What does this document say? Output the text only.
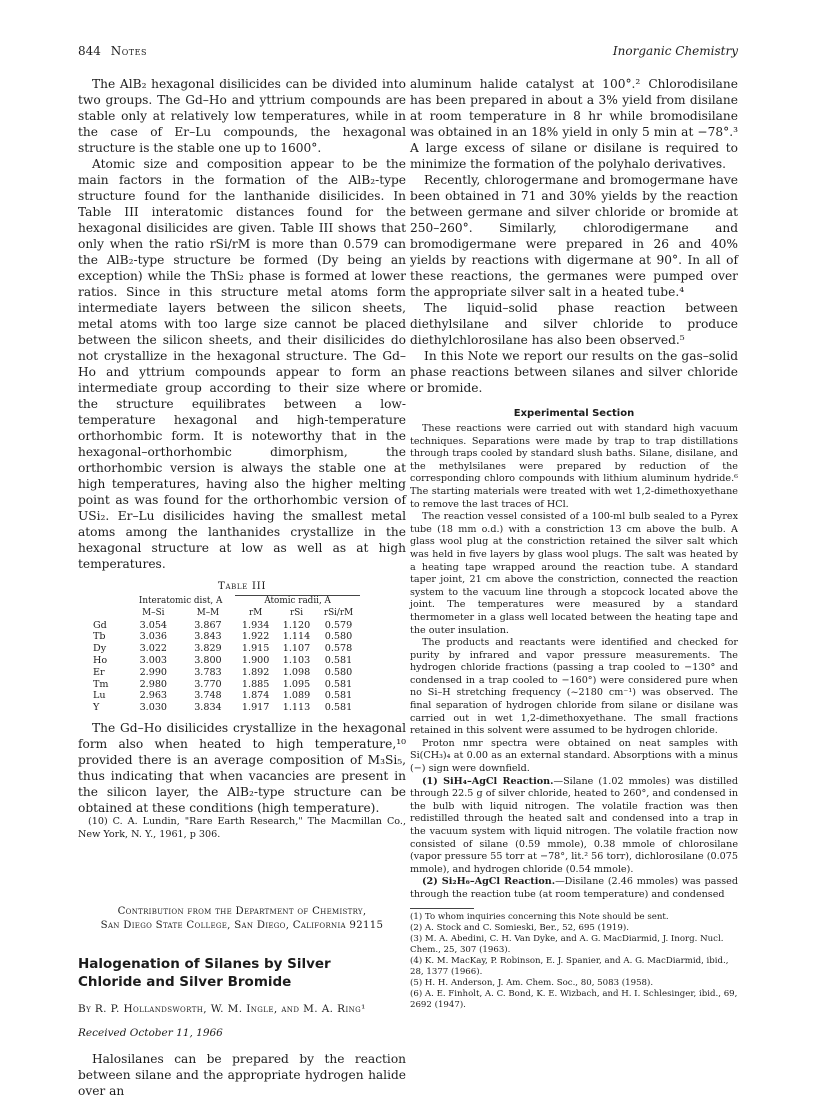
844 Notes	Inorganic Chemistry

The AlB₂ hexagonal disilicides can be divided into two groups. The Gd–Ho and yttrium compounds are stable only at relatively low temperatures, while in the case of Er–Lu compounds, the hexagonal structure is the stable one up to 1600°.

Atomic size and composition appear to be the main factors in the formation of the AlB₂-type structure found for the lanthanide disilicides. In Table III interatomic distances found for the hexagonal disilicides are given. Table III shows that only when the ratio rSi/rM is more than 0.579 can the AlB₂-type structure be formed (Dy being an exception) while the ThSi₂ phase is formed at lower ratios. Since in this structure metal atoms form intermediate layers between the silicon sheets, metal atoms with too large size cannot be placed between the silicon sheets, and their disilicides do not crystallize in the hexagonal structure. The Gd–Ho and yttrium compounds appear to form an intermediate group according to their size where the structure equilibrates between a low-temperature hexagonal and high-temperature orthorhombic form. It is noteworthy that in the hexagonal–orthorhombic dimorphism, the orthorhombic version is always the stable one at high temperatures, having also the higher melting point as was found for the orthorhombic version of USi₂. Er–Lu disilicides having the smallest metal atoms among the lanthanides crystallize in the hexagonal structure at low as well as at high temperatures.

Table III
	Interatomic dist, A		Atomic radii, A		
	M–Si	M–M	rM	rSi	rSi/rM
Gd	3.054	3.867	1.934	1.120	0.579
Tb	3.036	3.843	1.922	1.114	0.580
Dy	3.022	3.829	1.915	1.107	0.578
Ho	3.003	3.800	1.900	1.103	0.581
Er	2.990	3.783	1.892	1.098	0.580
Tm	2.980	3.770	1.885	1.095	0.581
Lu	2.963	3.748	1.874	1.089	0.581
Y	3.030	3.834	1.917	1.113	0.581

The Gd–Ho disilicides crystallize in the hexagonal form also when heated to high temperature,¹⁰ provided there is an average composition of M₃Si₅, thus indicating that when vacancies are present in the silicon layer, the AlB₂-type structure can be obtained at these conditions (high temperature).

(10) C. A. Lundin, "Rare Earth Research," The Macmillan Co., New York, N. Y., 1961, p 306.

Contribution from the Department of Chemistry,
San Diego State College, San Diego, California 92115
Halogenation of Silanes by Silver
Chloride and Silver Bromide
By R. P. Hollandsworth, W. M. Ingle, and M. A. Ring¹
Received October 11, 1966

Halosilanes can be prepared by the reaction between silane and the appropriate hydrogen halide over an

aluminum halide catalyst at 100°.² Chlorodisilane has been prepared in about a 3% yield from disilane at room temperature in 8 hr while bromodisilane was obtained in an 18% yield in only 5 min at −78°.³ A large excess of silane or disilane is required to minimize the formation of the polyhalo derivatives.

Recently, chlorogermane and bromogermane have been obtained in 71 and 30% yields by the reaction between germane and silver chloride or bromide at 250–260°. Similarly, chlorodigermane and bromodigermane were prepared in 26 and 40% yields by reactions with digermane at 90°. In all of these reactions, the germanes were pumped over the appropriate silver salt in a heated tube.⁴

The liquid–solid phase reaction between diethylsilane and silver chloride to produce diethylchlorosilane has also been observed.⁵

In this Note we report our results on the gas–solid phase reactions between silanes and silver chloride or bromide.

Experimental Section

These reactions were carried out with standard high vacuum techniques. Separations were made by trap to trap distillations through traps cooled by standard slush baths. Silane, disilane, and the methylsilanes were prepared by reduction of the corresponding chloro compounds with lithium aluminum hydride.⁶ The starting materials were treated with wet 1,2-dimethoxyethane to remove the last traces of HCl.

The reaction vessel consisted of a 100-ml bulb sealed to a Pyrex tube (18 mm o.d.) with a constriction 13 cm above the bulb. A glass wool plug at the constriction retained the silver salt which was held in five layers by glass wool plugs. The salt was heated by a heating tape wrapped around the reaction tube. A standard taper joint, 21 cm above the constriction, connected the reaction system to the vacuum line through a stopcock located above the joint. The temperatures were measured by a standard thermometer in a glass well located between the heating tape and the outer insulation.

The products and reactants were identified and checked for purity by infrared and vapor pressure measurements. The hydrogen chloride fractions (passing a trap cooled to −130° and condensed in a trap cooled to −160°) were considered pure when no Si–H stretching frequency (~2180 cm⁻¹) was observed. The final separation of hydrogen chloride from silane or disilane was carried out in wet 1,2-dimethoxyethane. The small fractions retained in this solvent were assumed to be hydrogen chloride.

Proton nmr spectra were obtained on neat samples with Si(CH₃)₄ at 0.00 as an external standard. Absorptions with a minus (−) sign were downfield.

(1) SiH₄–AgCl Reaction.—Silane (1.02 mmoles) was distilled through 22.5 g of silver chloride, heated to 260°, and condensed in the bulb with liquid nitrogen. The volatile fraction was then redistilled through the heated salt and condensed into a trap in the vacuum system with liquid nitrogen. The volatile fraction now consisted of silane (0.59 mmole), 0.38 mmole of chlorosilane (vapor pressure 55 torr at −78°, lit.² 56 torr), dichlorosilane (0.075 mmole), and hydrogen chloride (0.54 mmole).

(2) Si₂H₆–AgCl Reaction.—Disilane (2.46 mmoles) was passed through the reaction tube (at room temperature) and condensed

(1) To whom inquiries concerning this Note should be sent.

(2) A. Stock and C. Somieski, Ber., 52, 695 (1919).

(3) M. A. Abedini, C. H. Van Dyke, and A. G. MacDiarmid, J. Inorg. Nucl. Chem., 25, 307 (1963).

(4) K. M. MacKay, P. Robinson, E. J. Spanier, and A. G. MacDiarmid, ibid., 28, 1377 (1966).

(5) H. H. Anderson, J. Am. Chem. Soc., 80, 5083 (1958).

(6) A. E. Finholt, A. C. Bond, K. E. Wizbach, and H. I. Schlesinger, ibid., 69, 2692 (1947).
